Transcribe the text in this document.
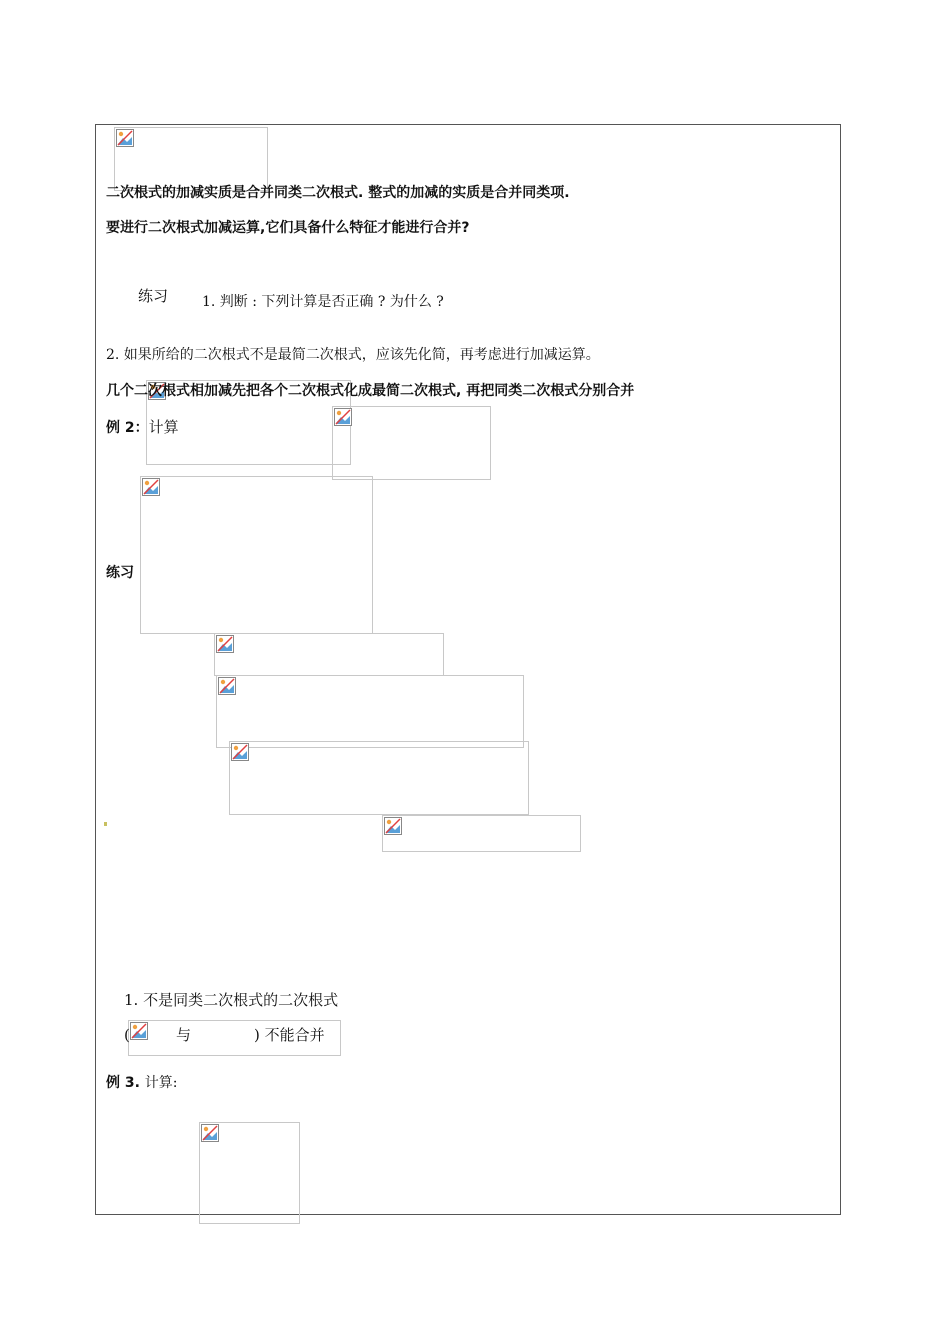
二次根式的加减实质是合并同类二次根式. 整式的加减的实质是合并同类项.
要进行二次根式加减运算,它们具备什么特征才能进行合并?
练习 1. 判断 : 下列计算是否正确 ? 为什么 ?
2. 如果所给的二次根式不是最简二次根式，应该先化简，再考虑进行加减运算。
几个二次根式相加减先把各个二次根式化成最简二次根式, 再把同类二次根式分别合并
例 2：计算
练习
1. 不是同类二次根式的二次根式
(	与	) 不能合并
例 3. 计算:
